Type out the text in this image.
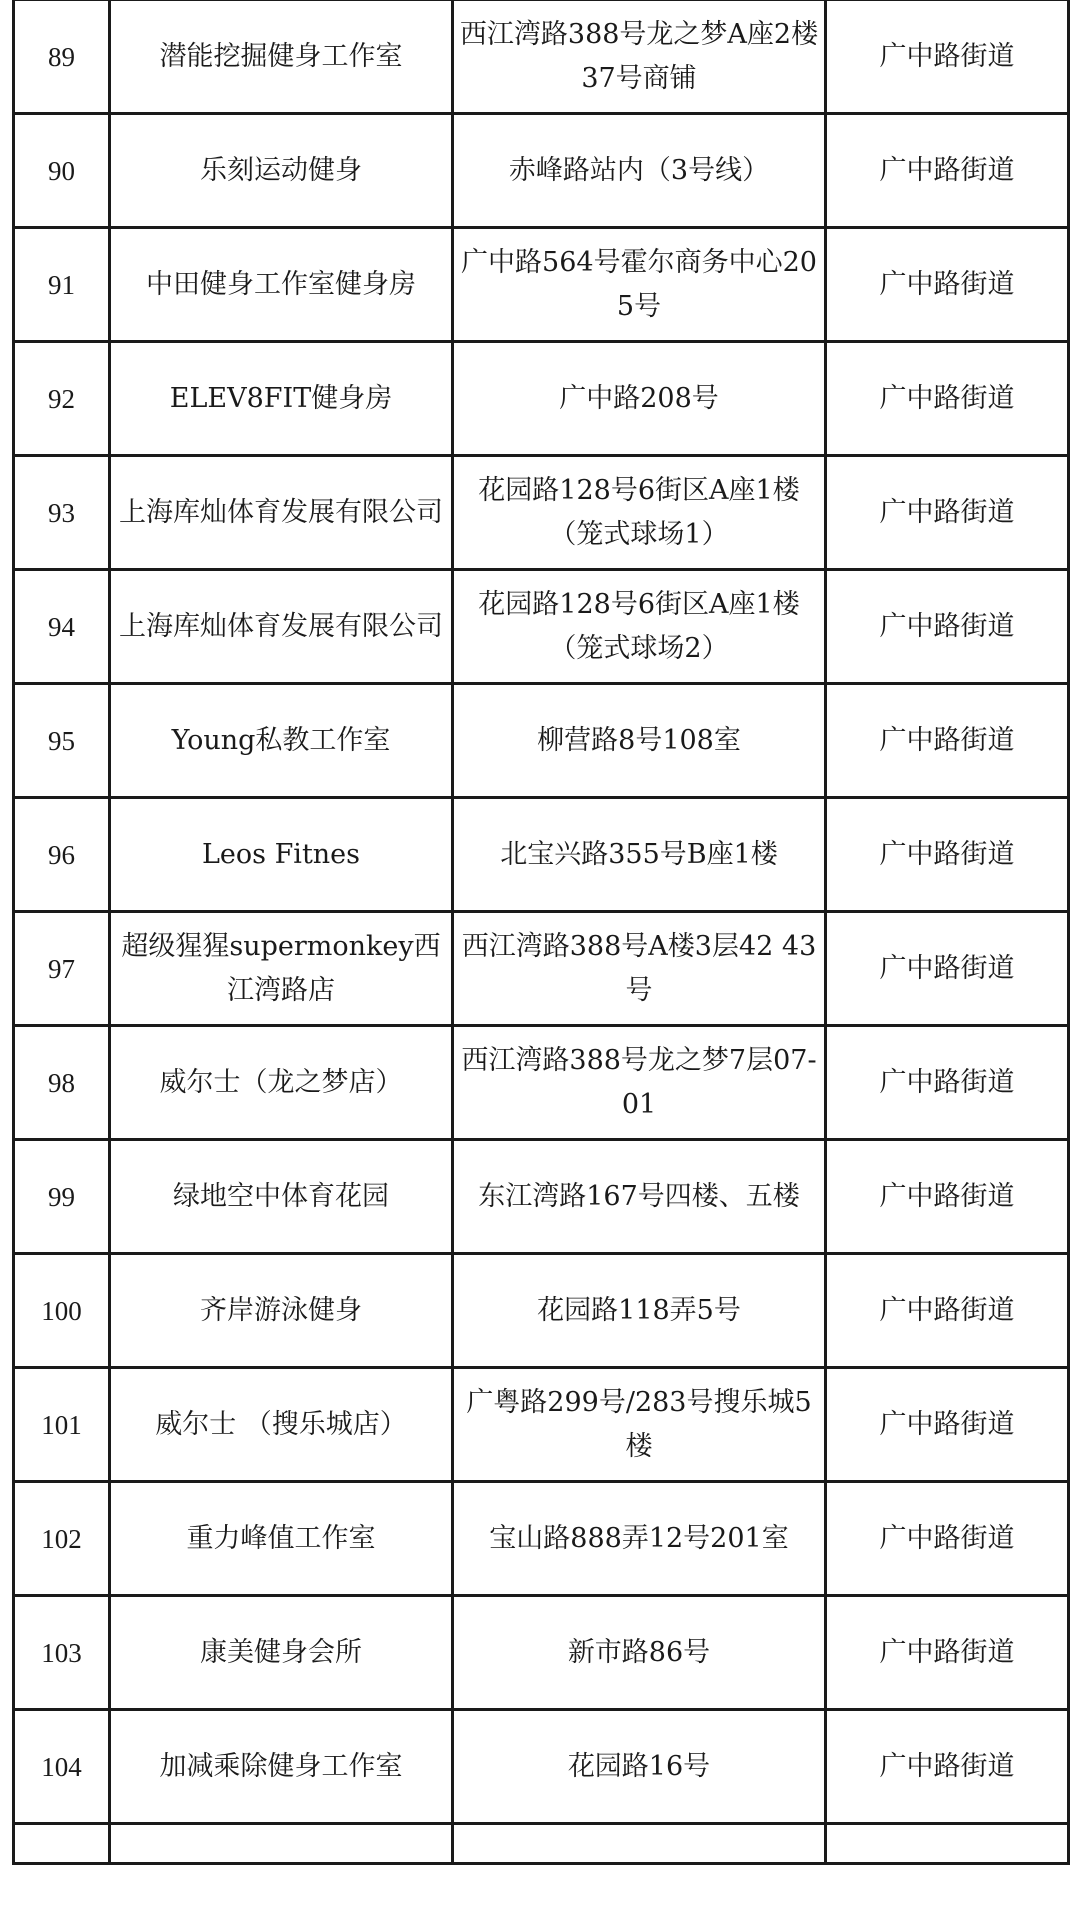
89	潜能挖掘健身工作室	西江湾路388号龙之梦A座2楼37号商铺	广中路街道
90	乐刻运动健身	赤峰路站内（3号线）	广中路街道
91	中田健身工作室健身房	广中路564号霍尔商务中心205号	广中路街道
92	ELEV8FIT健身房	广中路208号	广中路街道
93	上海库灿体育发展有限公司	花园路128号6街区A座1楼（笼式球场1）	广中路街道
94	上海库灿体育发展有限公司	花园路128号6街区A座1楼（笼式球场2）	广中路街道
95	Young私教工作室	柳营路8号108室	广中路街道
96	Leos Fitnes	北宝兴路355号B座1楼	广中路街道
97	超级猩猩supermonkey西江湾路店	西江湾路388号A楼3层42 43号	广中路街道
98	威尔士（龙之梦店）	西江湾路388号龙之梦7层07-01	广中路街道
99	绿地空中体育花园	东江湾路167号四楼、五楼	广中路街道
100	齐岸游泳健身	花园路118弄5号	广中路街道
101	威尔士 （搜乐城店）	广粤路299号/283号搜乐城5楼	广中路街道
102	重力峰值工作室	宝山路888弄12号201室	广中路街道
103	康美健身会所	新市路86号	广中路街道
104	加减乘除健身工作室	花园路16号	广中路街道
